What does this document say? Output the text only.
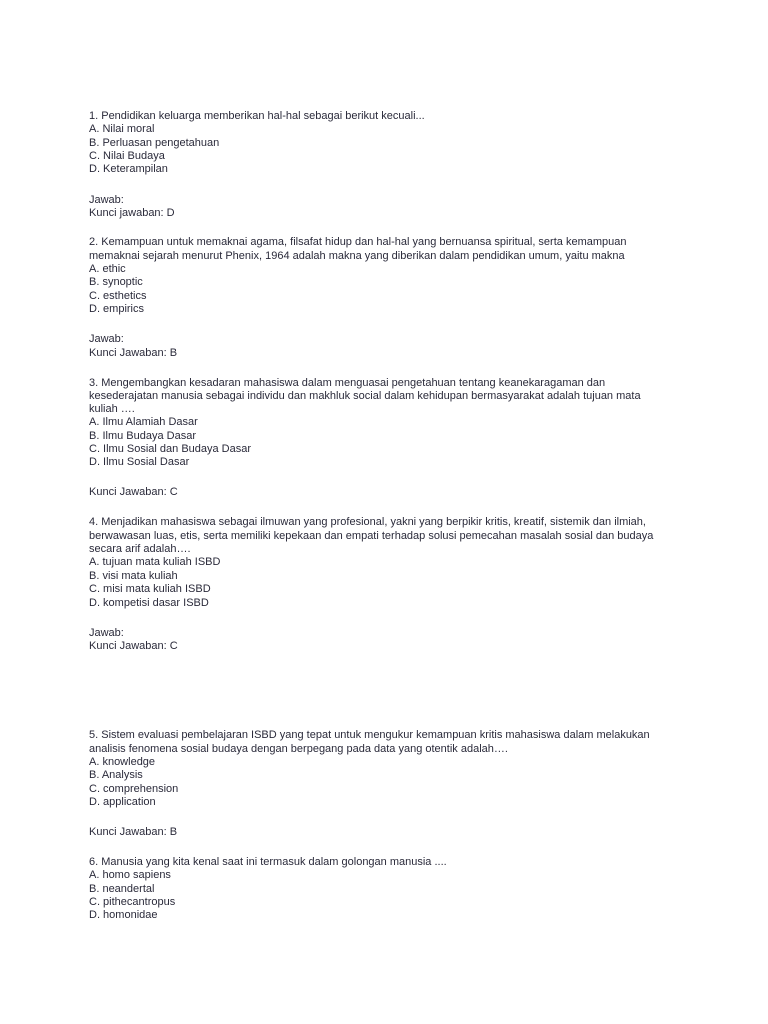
1. Pendidikan keluarga memberikan hal-hal sebagai berikut kecuali...
A. Nilai moral
B. Perluasan pengetahuan
C. Nilai Budaya
D. Keterampilan
Jawab:
Kunci jawaban: D
2. Kemampuan untuk memaknai agama, filsafat hidup dan hal-hal yang bernuansa spiritual, serta kemampuan
memaknai sejarah menurut Phenix, 1964 adalah makna yang diberikan dalam pendidikan umum, yaitu makna
A. ethic
B. synoptic
C. esthetics
D. empirics
Jawab:
Kunci Jawaban: B
3. Mengembangkan kesadaran mahasiswa dalam menguasai pengetahuan tentang keanekaragaman dan
kesederajatan manusia sebagai individu dan makhluk social dalam kehidupan bermasyarakat adalah tujuan mata
kuliah ….
A. Ilmu Alamiah Dasar
B. Ilmu Budaya Dasar
C. Ilmu Sosial dan Budaya Dasar
D. Ilmu Sosial Dasar
Kunci Jawaban: C
4. Menjadikan mahasiswa sebagai ilmuwan yang profesional, yakni yang berpikir kritis, kreatif, sistemik dan ilmiah,
berwawasan luas, etis, serta memiliki kepekaan dan empati terhadap solusi pemecahan masalah sosial dan budaya
secara arif adalah….
A. tujuan mata kuliah ISBD
B. visi mata kuliah
C. misi mata kuliah ISBD
D. kompetisi dasar ISBD
Jawab:
Kunci Jawaban: C
5. Sistem evaluasi pembelajaran ISBD yang tepat untuk mengukur kemampuan kritis mahasiswa dalam melakukan
analisis fenomena sosial budaya dengan berpegang pada data yang otentik adalah….
A. knowledge
B. Analysis
C. comprehension
D. application
Kunci Jawaban: B
6. Manusia yang kita kenal saat ini termasuk dalam golongan manusia ....
A. homo sapiens
B. neandertal
C. pithecantropus
D. homonidae
